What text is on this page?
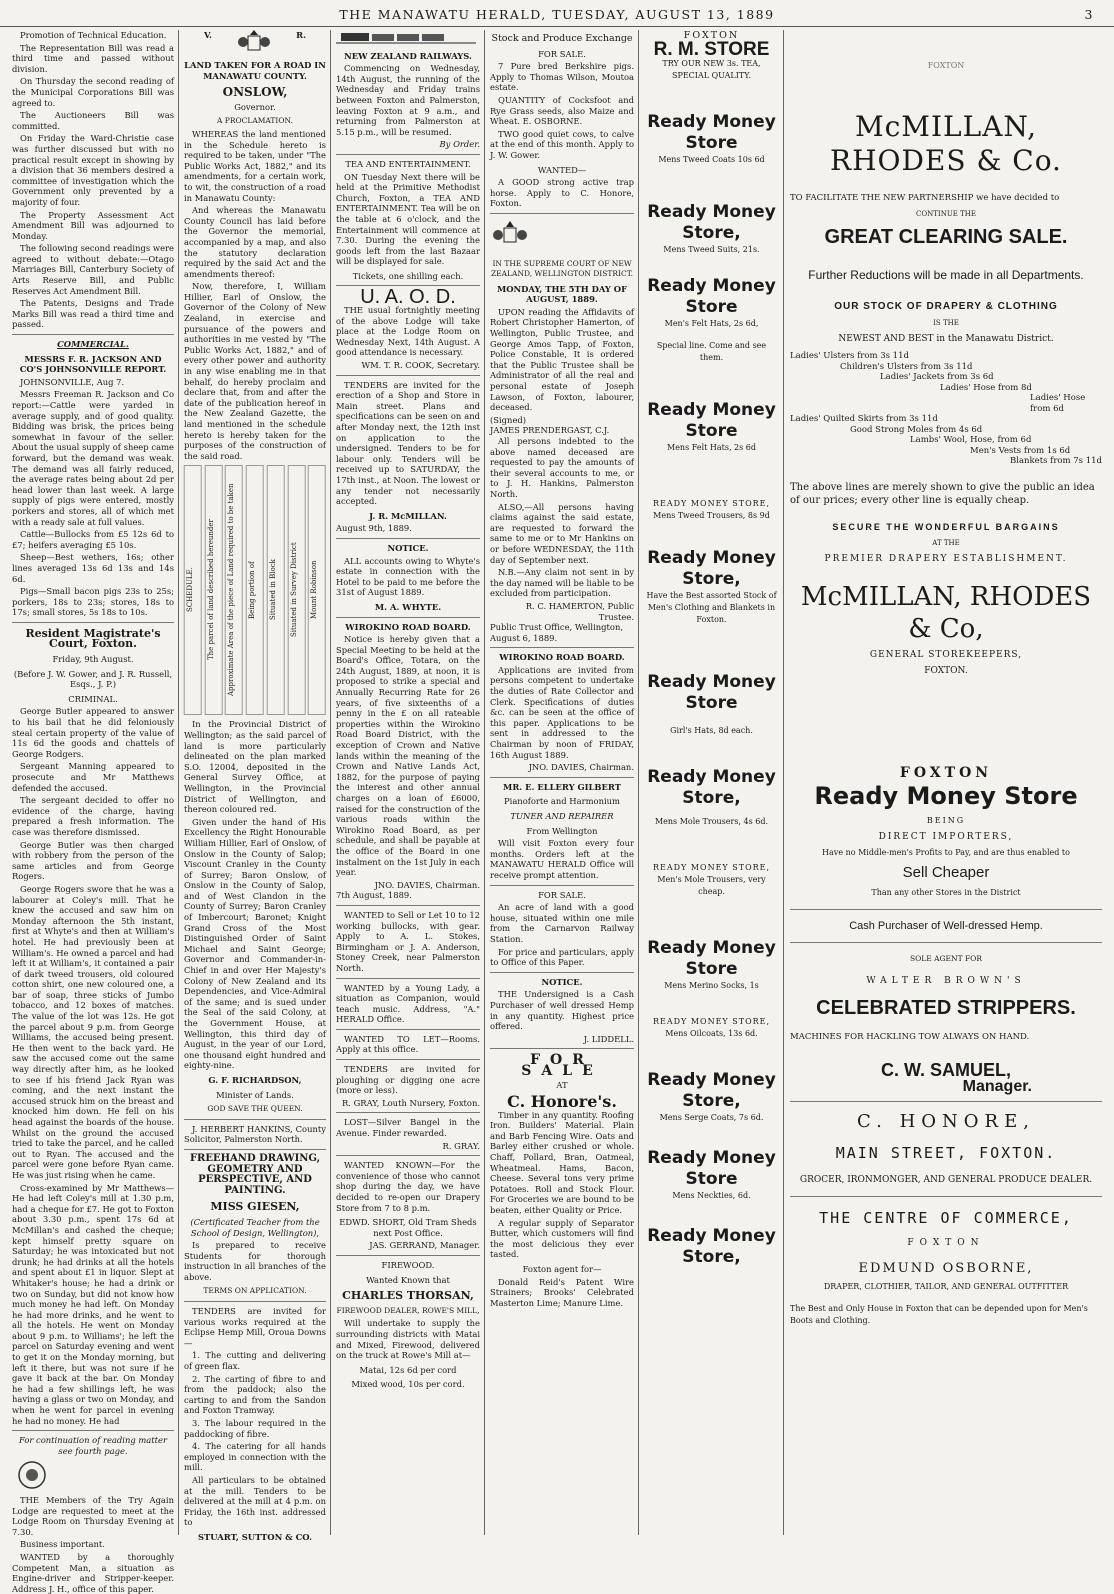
THE MANAWATU HERALD, TUESDAY, AUGUST 13, 1889	3

Promotion of Technical Education.

The Representation Bill was read a third time and passed without division.

On Thursday the second reading of the Municipal Corporations Bill was agreed to.

The Auctioneers Bill was committed.

On Friday the Ward-Christie case was further discussed but with no practical result except in showing by a division that 36 members desired a committee of investigation which the Government only prevented by a majority of four.

The Property Assessment Act Amendment Bill was adjourned to Monday.

The following second readings were agreed to without debate:—Otago Marriages Bill, Canterbury Society of Arts Reserve Bill, and Public Reserves Act Amendment Bill.

The Patents, Designs and Trade Marks Bill was read a third time and passed.

COMMERCIAL.
MESSRS F. R. JACKSON AND CO'S JOHNSONVILLE REPORT.

JOHNSONVILLE, Aug 7.

Messrs Freeman R. Jackson and Co report:—Cattle were yarded in average supply, and of good quality. Bidding was brisk, the prices being somewhat in favour of the seller. About the usual supply of sheep came forward, but the demand was weak. The demand was all fairly reduced, the average rates being about 2d per head lower than last week. A large supply of pigs were entered, mostly porkers and stores, all of which met with a ready sale at full values.

Cattle—Bullocks from £5 12s 6d to £7; heifers averaging £5 10s.

Sheep—Best wethers, 16s; other lines averaged 13s 6d 13s and 14s 6d.

Pigs—Small bacon pigs 23s to 25s; porkers, 18s to 23s; stores, 18s to 17s; small stores, 5s 18s to 10s.

Resident Magistrate's Court, Foxton.
Friday, 9th August.
(Before J. W. Gower, and J. R. Russell, Esqs., J. P.)
CRIMINAL.

George Butler appeared to answer to his bail that he did feloniously steal certain property of the value of 11s 6d the goods and chattels of George Rodgers.

Sergeant Manning appeared to prosecute and Mr Matthews defended the accused.

The sergeant decided to offer no evidence of the charge, having prepared a fresh information. The case was therefore dismissed.

George Butler was then charged with robbery from the person of the same articles and from George Rogers.

George Rogers swore that he was a labourer at Coley's mill. That he knew the accused and saw him on Monday afternoon the 5th instant, first at Whyte's and then at William's hotel. He had previously been at William's. He owned a parcel and had left it at William's, it contained a pair of dark tweed trousers, old coloured cotton shirt, one new coloured one, a bar of soap, three sticks of Jumbo tobacco, and 12 boxes of matches. The value of the lot was 12s. He got the parcel about 9 p.m. from George Williams, the accused being present. He then went to the back yard. He saw the accused come out the same way directly after him, as he looked to see if his friend Jack Ryan was coming, and the next instant the accused struck him on the breast and knocked him down. He fell on his head against the boards of the house. Whilst on the ground the accused tried to take the parcel, and he called out to Ryan. The accused and the parcel were gone before Ryan came. He was just rising when he came.

Cross-examined by Mr Matthews—He had left Coley's mill at 1.30 p.m, had a cheque for £7. He got to Foxton about 3.30 p.m., spent 17s 6d at McMillan's and cashed the cheque; kept himself pretty square on Saturday; he was intoxicated but not drunk; he had drinks at all the hotels and spent about £1 in liquor. Slept at Whitaker's house; he had a drink or two on Sunday, but did not know how much money he had left. On Monday he had more drinks, and he went to all the hotels. He went on Monday about 9 p.m. to Williams'; he left the parcel on Saturday evening and went to get it on the Monday morning, but left it there, but was not sure if he gave it back at the bar. On Monday he had a few shillings left, he was having a glass or two on Monday, and when he went for parcel in evening he had no money. He had

For continuation of reading matter see fourth page.

THE Members of the Try Again Lodge are requested to meet at the Lodge Room on Thursday Evening at 7.30.

Business important.

WANTED by a thoroughly Competent Man, a situation as Engine-driver and Stripper-keeper. Address J. H., office of this paper.

V.	R.
LAND TAKEN FOR A ROAD IN MANAWATU COUNTY.
ONSLOW,
Governor.
A PROCLAMATION.

WHEREAS the land mentioned in the Schedule hereto is required to be taken, under "The Public Works Act, 1882," and its amendments, for a certain work, to wit, the construction of a road in Manawatu County:

And whereas the Manawatu County Council has laid before the Governor the memorial, accompanied by a map, and also the statutory declaration required by the said Act and the amendments thereof:

Now, therefore, I, William Hillier, Earl of Onslow, the Governor of the Colony of New Zealand, in exercise and pursuance of the powers and authorities in me vested by "The Public Works Act, 1882," and of every other power and authority in any wise enabling me in that behalf, do hereby proclaim and declare that, from and after the date of the publication hereof in the New Zealand Gazette, the land mentioned in the schedule hereto is hereby taken for the purposes of the construction of the said road.

SCHEDULE.	The parcel of land described hereunder	Approximate Area of the piece of Land required to be taken	Being portion of	Situated in Block	Situated in Survey District	Mount Robinson

In the Provincial District of Wellington; as the said parcel of land is more particularly delineated on the plan marked S.O. 12004, deposited in the General Survey Office, at Wellington, in the Provincial District of Wellington, and thereon coloured red.

Given under the hand of His Excellency the Right Honourable William Hillier, Earl of Onslow, of Onslow in the County of Salop; Viscount Cranley in the County of Surrey; Baron Onslow, of Onslow in the County of Salop, and of West Clandon in the County of Surrey; Baron Cranley of Imbercourt; Baronet; Knight Grand Cross of the Most Distinguished Order of Saint Michael and Saint George; Governor and Commander-in-Chief in and over Her Majesty's Colony of New Zealand and its Dependencies, and Vice-Admiral of the same; and is sued under the Seal of the said Colony, at the Government House, at Wellington, this third day of August, in the year of our Lord, one thousand eight hundred and eighty-nine.

G. F. RICHARDSON,
Minister of Lands.
GOD SAVE THE QUEEN.

J. HERBERT HANKINS, County Solicitor, Palmerston North.

FREEHAND DRAWING, GEOMETRY AND PERSPECTIVE, AND PAINTING.
MISS GIESEN,
(Certificated Teacher from the School of Design, Wellington),

Is prepared to receive Students for thorough instruction in all branches of the above.

TERMS ON APPLICATION.

TENDERS are invited for various works required at the Eclipse Hemp Mill, Oroua Downs—

1. The cutting and delivering of green flax.

2. The carting of fibre to and from the paddock; also the carting to and from the Sandon and Foxton Tramway.

3. The labour required in the paddocking of fibre.

4. The catering for all hands employed in connection with the mill.

All particulars to be obtained at the mill. Tenders to be delivered at the mill at 4 p.m. on Friday, the 16th inst. addressed to

STUART, SUTTON & CO.
NEW ZEALAND RAILWAYS.

Commencing on Wednesday, 14th August, the running of the Wednesday and Friday trains between Foxton and Palmerston, leaving Foxton at 9 a.m., and returning from Palmerston at 5.15 p.m., will be resumed.

By Order.
TEA AND ENTERTAINMENT.

ON Tuesday Next there will be held at the Primitive Methodist Church, Foxton, a TEA AND ENTERTAINMENT. Tea will be on the table at 6 o'clock, and the Entertainment will commence at 7.30. During the evening the goods left from the last Bazaar will be displayed for sale.

Tickets, one shilling each.
U. A. O. D.

THE usual fortnightly meeting of the above Lodge will take place at the Lodge Room on Wednesday Next, 14th August. A good attendance is necessary.

WM. T. R. COOK, Secretary.

TENDERS are invited for the erection of a Shop and Store in Main street. Plans and specifications can be seen on and after Monday next, the 12th inst on application to the undersigned. Tenders to be for labour only. Tenders will be received up to SATURDAY, the 17th inst., at Noon. The lowest or any tender not necessarily accepted.

J. R. McMILLAN.
August 9th, 1889.
NOTICE.

ALL accounts owing to Whyte's estate in connection with the Hotel to be paid to me before the 31st of August 1889.

M. A. WHYTE.
WIROKINO ROAD BOARD.

Notice is hereby given that a Special Meeting to be held at the Board's Office, Totara, on the 24th August, 1889, at noon, it is proposed to strike a special and Annually Recurring Rate for 26 years, of five sixteenths of a penny in the £ on all rateable properties within the Wirokino Road Board District, with the exception of Crown and Native lands within the meaning of the Crown and Native Lands Act, 1882, for the purpose of paying the interest and other annual charges on a loan of £6000, raised for the construction of the various roads within the Wirokino Road Board, as per schedule, and shall be payable at the office of the Board in one instalment on the 1st July in each year.

JNO. DAVIES, Chairman.
7th August, 1889.

WANTED to Sell or Let 10 to 12 working bullocks, with gear. Apply to A. L. Stokes, Birmingham or J. A. Anderson, Stoney Creek, near Palmerston North.

WANTED by a Young Lady, a situation as Companion, would teach music. Address, "A." HERALD Office.

WANTED TO LET—Rooms. Apply at this office.

TENDERS are invited for ploughing or digging one acre (more or less).

R. GRAY, Louth Nursery, Foxton.

LOST—Silver Bangel in the Avenue. Finder rewarded.

R. GRAY.

WANTED KNOWN—For the convenience of those who cannot shop during the day, we have decided to re-open our Drapery Store from 7 to 8 p.m.

EDWD. SHORT, Old Tram Sheds next Post Office.
JAS. GERRAND, Manager.
FIREWOOD.
Wanted Known that
CHARLES THORSAN,
FIREWOOD DEALER, ROWE'S MILL,

Will undertake to supply the surrounding districts with Matai and Mixed, Firewood, delivered on the truck at Rowe's Mill at—

Matai, 12s 6d per cord
Mixed wood, 10s per cord.
Stock and Produce Exchange
FOR SALE.

7 Pure bred Berkshire pigs. Apply to Thomas Wilson, Moutoa estate.

QUANTITY of Cocksfoot and Rye Grass seeds, also Maize and Wheat. E. OSBORNE.

TWO good quiet cows, to calve at the end of this month. Apply to J. W. Gower.

WANTED—

A GOOD strong active trap horse. Apply to C. Honore, Foxton.

IN THE SUPREME COURT OF NEW ZEALAND, WELLINGTON DISTRICT.
MONDAY, THE 5TH DAY OF AUGUST, 1889.

UPON reading the Affidavits of Robert Christopher Hamerton, of Wellington, Public Trustee, and George Amos Tapp, of Foxton, Police Constable, It is ordered that the Public Trustee shall be Administrator of all the real and personal estate of Joseph Lawson, of Foxton, labourer, deceased.

(Signed)
JAMES PRENDERGAST, C.J.

All persons indebted to the above named deceased are requested to pay the amounts of their several accounts to me, or to J. H. Hankins, Palmerston North.

ALSO,—All persons having claims against the said estate, are requested to forward the same to me or to Mr Hankins on or before WEDNESDAY, the 11th day of September next.

N.B.—Any claim not sent in by the day named will be liable to be excluded from participation.

R. C. HAMERTON, Public Trustee.
Public Trust Office, Wellington, August 6, 1889.
WIROKINO ROAD BOARD.

Applications are invited from persons competent to undertake the duties of Rate Collector and Clerk. Specifications of duties &c. can be seen at the office of this paper. Applications to be sent in addressed to the Chairman by noon of FRIDAY, 16th August 1889.

JNO. DAVIES, Chairman.
MR. E. ELLERY GILBERT
Pianoforte and Harmonium
TUNER AND REPAIRER
From Wellington

Will visit Foxton every four months. Orders left at the MANAWATU HERALD Office will receive prompt attention.

FOR SALE.

An acre of land with a good house, situated within one mile from the Carnarvon Railway Station.

For price and particulars, apply to Office of this Paper.

NOTICE.

THE Undersigned is a Cash Purchaser of well dressed Hemp in any quantity. Highest price offered.

J. LIDDELL.
FOR SALE
AT
C. Honore's.

Timber in any quantity. Roofing Iron. Builders' Material. Plain and Barb Fencing Wire. Oats and Barley either crushed or whole. Chaff, Pollard, Bran, Oatmeal, Wheatmeal. Hams, Bacon, Cheese. Several tons very prime Potatoes. Roll and Stock Flour. For Groceries we are bound to be beaten, either Quality or Price.

A regular supply of Separator Butter, which customers will find the most delicious they ever tasted.

Foxton agent for—

Donald Reid's Patent Wire Strainers; Brooks' Celebrated Masterton Lime; Manure Lime.

FOXTON
R. M. STORE
TRY OUR NEW 3s. TEA,
SPECIAL QUALITY.
Ready Money
Store
Mens Tweed Coats 10s 6d
Ready Money
Store,
Mens Tweed Suits, 21s.
Ready Money
Store
Men's Felt Hats, 2s 6d,
Special line. Come and see them.
Ready Money
Store
Mens Felt Hats, 2s 6d
READY MONEY STORE,
Mens Tweed Trousers, 8s 9d
Ready Money
Store,
Have the Best assorted Stock of Men's Clothing and Blankets in Foxton.
Ready Money
Store
Girl's Hats, 8d each.
Ready Money
Store,
Mens Mole Trousers, 4s 6d.
READY MONEY STORE,
Men's Mole Trousers, very cheap.
Ready Money
Store
Mens Merino Socks, 1s
READY MONEY STORE,
Mens Oilcoats, 13s 6d.
Ready Money
Store,
Mens Serge Coats, 7s 6d.
Ready Money
Store
Mens Neckties, 6d.
Ready Money
Store,
FOXTON
McMILLAN, RHODES & Co.
TO FACILITATE THE NEW PARTNERSHIP we have decided to
CONTINUE THE
GREAT CLEARING SALE.
Further Reductions will be made in all Departments.
OUR STOCK OF DRAPERY & CLOTHING
IS THE
NEWEST AND BEST in the Manawatu District.
Ladies' Ulsters from 3s 11d
Children's Ulsters from 3s 11d
Ladies' Jackets from 3s 6d
Ladies' Hose from 8d
Ladies' Hose from 6d
Ladies' Quilted Skirts from 3s 11d
Good Strong Moles from 4s 6d
Lambs' Wool, Hose, from 6d
Men's Vests from 1s 6d
Blankets from 7s 11d
The above lines are merely shown to give the public an idea of our prices; every other line is equally cheap.
SECURE THE WONDERFUL BARGAINS
AT THE
PREMIER DRAPERY ESTABLISHMENT.
McMILLAN, RHODES & Co,
GENERAL STOREKEEPERS,
FOXTON.
FOXTON
Ready Money Store
BEING
DIRECT IMPORTERS,
Have no Middle-men's Profits to Pay, and are thus enabled to
Sell Cheaper
Than any other Stores in the District
Cash Purchaser of Well-dressed Hemp.
SOLE AGENT FOR
WALTER BROWN'S
CELEBRATED STRIPPERS.
MACHINES FOR HACKLING TOW ALWAYS ON HAND.
C. W. SAMUEL,
Manager.
C. HONORE,
MAIN STREET, FOXTON.
GROCER, IRONMONGER, AND GENERAL PRODUCE DEALER.
THE CENTRE OF COMMERCE,
FOXTON
EDMUND OSBORNE,
DRAPER, CLOTHIER, TAILOR, AND GENERAL OUTFITTER
The Best and Only House in Foxton that can be depended upon for Men's Boots and Clothing.
